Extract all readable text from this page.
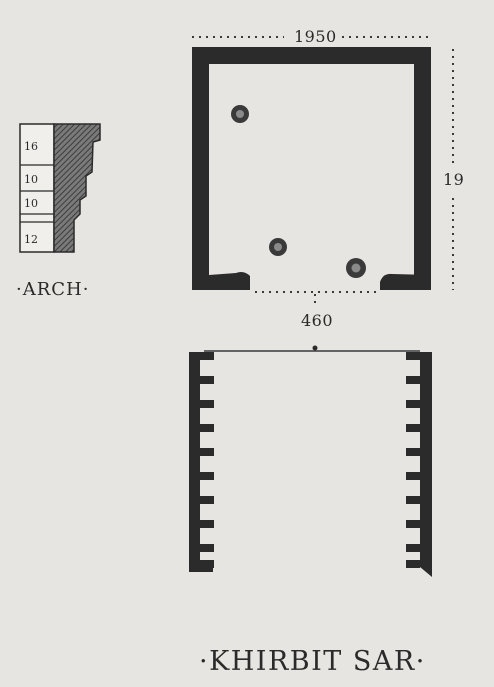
1950
19
460
16
10
10
12
·ARCH·
·KHIRBIT SAR·
